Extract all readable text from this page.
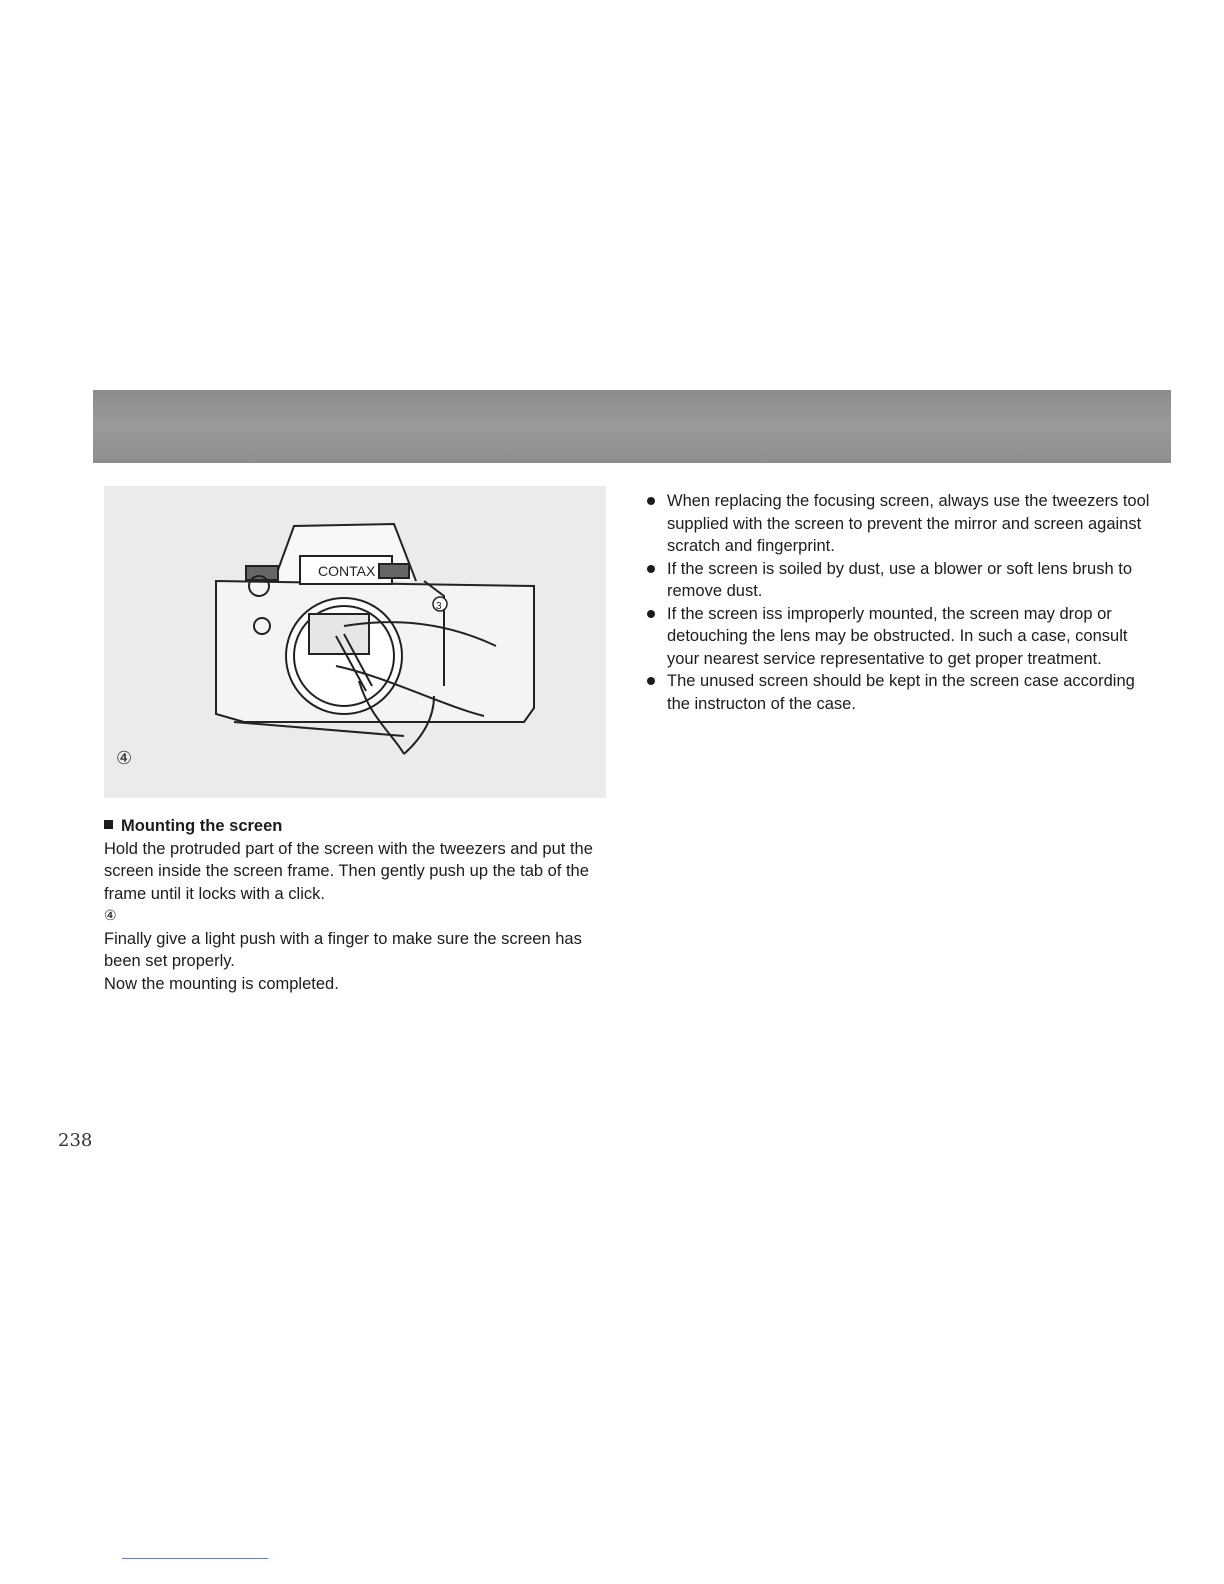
CONTAX
3
④

Mounting the screen

Hold the protruded part of the screen with the tweezers and put the screen inside the screen frame. Then gently push up the tab of the frame until it locks with a click.

④

Finally give a light push with a finger to make sure the screen has been set properly.

Now the mounting is completed.

When replacing the focusing screen, always use the tweezers tool supplied with the screen to prevent the mirror and screen against scratch and fingerprint.
If the screen is soiled by dust, use a blower or soft lens brush to remove dust.
If the screen iss improperly mounted, the screen may drop or detouching the lens may be obstructed. In such a case, consult your nearest service representative to get proper treatment.
The unused screen should be kept in the screen case according the instructon of the case.
238
